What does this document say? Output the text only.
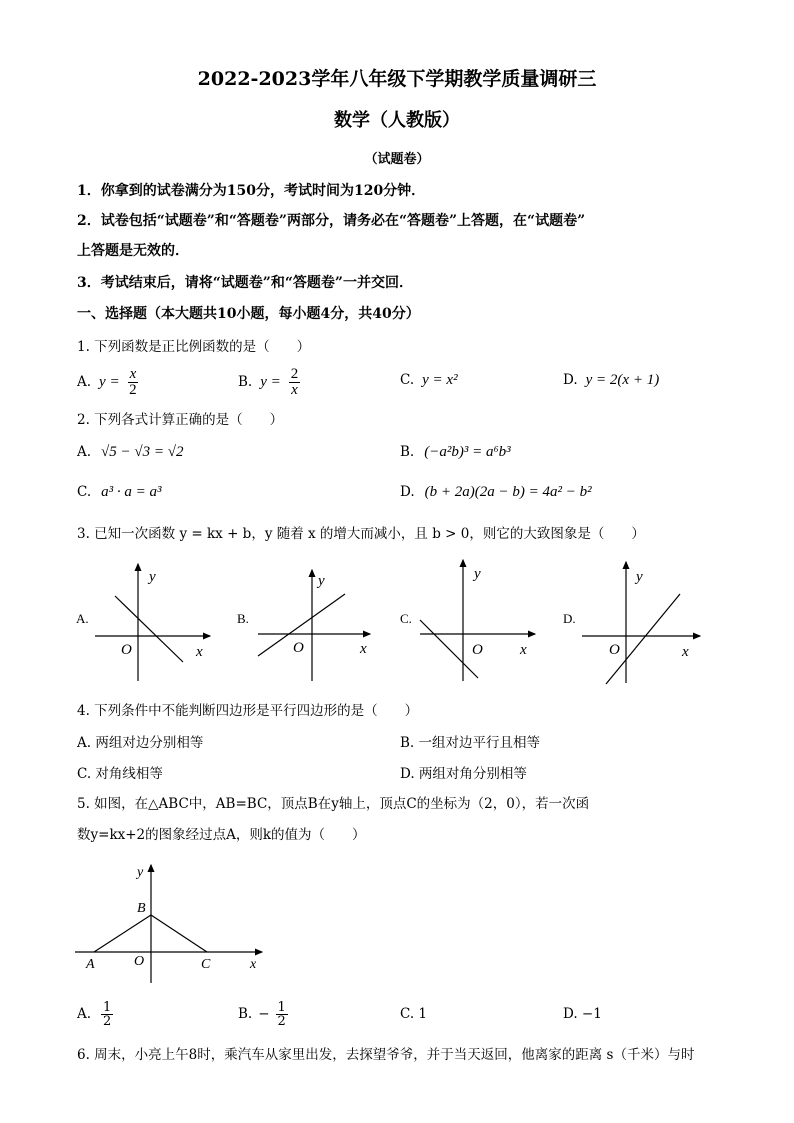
2022-2023学年八年级下学期教学质量调研三
数学（人教版）
（试题卷）
1．你拿到的试卷满分为150分，考试时间为120分钟．
2．试卷包括“试题卷”和“答题卷”两部分，请务必在“答题卷”上答题，在“试题卷”
上答题是无效的．
3．考试结束后，请将“试题卷”和“答题卷”一并交回．
一、选择题（本大题共10小题，每小题4分，共40分）
1. 下列函数是正比例函数的是（　　）
A. $y = \frac{x}{2}$	B. $y = \frac{2}{x}$	C. y = x²	D. y = 2(x + 1)
2. 下列各式计算正确的是（　　）
A. √5 − √3 = √2	B. (−a²b)³ = a⁶b³
C. a³ · a = a³	D. (b + 2a)(2a − b) = 4a² − b²
3. 已知一次函数 y = kx + b，y 随着 x 的增大而减小，且 b > 0，则它的大致图象是（　　）
A.
y
x
O
B.
y
x
O
C.
y
x
O
D.
y
x
O
4. 下列条件中不能判断四边形是平行四边形的是（　　）
A. 两组对边分别相等	B. 一组对边平行且相等
C. 对角线相等	D. 两组对角分别相等
5. 如图，在△ABC中，AB=BC，顶点B在y轴上，顶点C的坐标为（2，0），若一次函
数y=kx+2的图象经过点A，则k的值为（　　）
y
x
B
A	O	C
A. $\frac{1}{2}$	B. − $\frac{1}{2}$	C. 1	D. −1
6. 周末，小亮上午8时，乘汽车从家里出发，去探望爷爷，并于当天返回，他离家的距离 s（千米）与时
